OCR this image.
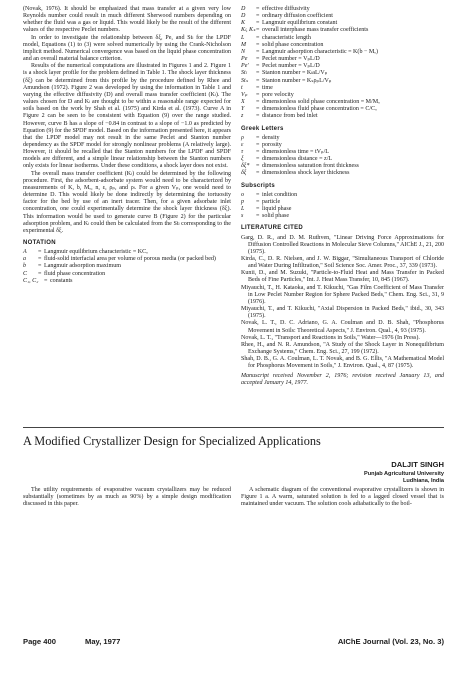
(Novak, 1976). It should be emphasized that mass transfer at a given very low Reynolds number could result in much different Sherwood numbers depending on whether the fluid was a gas or liquid. This would likely be the result of the different values of the respective Peclet numbers.

In order to investigate the relationship between δξ, Pe, and Stₗ for the LPDF model, Equations (1) to (3) were solved numerically by using the Crank-Nicholson implicit method. Numerical convergence was based on the liquid phase concentration and an overall material balance criterion.

Results of the numerical computations are illustrated in Figures 1 and 2. Figure 1 is a shock layer profile for the problem defined in Table 1. The shock layer thickness (δξ) can be determined from this profile by the procedure defined by Rhee and Amundson (1972). Figure 2 was developed by using the information in Table 1 and varying the effective diffusivity (D) and overall mass transfer coefficient (Kₗ). The values chosen for D and Kₗ are thought to be within a reasonable range expected for soils based on the work by Shah et al. (1975) and Kirda et al. (1973). Curve A in Figure 2 can be seen to be consistent with Equation (9) over the range studied. However, curve B has a slope of −0.84 in contrast to a slope of −1.0 as predicted by Equation (9) for the SPDF model. Based on the information presented here, it appears that the LPDF model may not result in the same Peclet and Stanton number dependency as the SPDF model for strongly nonlinear problems (A relatively large). However, it should be recalled that the Stanton numbers for the LPDF and SPDF models are different, and a simple linear relationship between the Stanton numbers only exists for linear isotherms. Under these conditions, a shock layer does not exist.

The overall mass transfer coefficient (Kₗ) could be determined by the following procedure. First, the adsorbent-adsorbate system would need to be characterized by measurements of K, b, Mₒ, n, ε, ρₚ, and ρₗ. For a given Vₚ, one would need to determine D. This would likely be done indirectly by determining the tortuosity factor for the bed by use of an inert tracer. Then, for a given adsorbate inlet concentration, one could experimentally determine the shock layer thickness (δξ). This information would be used to generate curve B (Figure 2) for the particular adsorption problem, and Kₗ could then be calculated from the Stₗ corresponding to the experimental δξ.

NOTATION
A	= Langmuir equilibrium characteristic = KCₒ
a	= fluid-solid interfacial area per volume of porous media (or packed bed)
b	= Langmuir adsorption maximum
C	= fluid phase concentration
C₁, C₂ = constants
D	= effective diffusivity
D	= ordinary diffusion coefficient
K	= Langmuir equilibrium constant
Kₗ, Kₛ = overall interphase mass transfer coefficients
L	= characteristic length
M	= solid phase concentration
N	= Langmuir adsorption characteristic = K(b − Mₒ)
Pe	= Peclet number = VₚL/D
Pe′	= Peclet number = VₚL/D
Stₗ	= Stanton number = KₗaL/Vₚ
Stₛ	= Stanton number = KₛρₚL/Vₚ
t	= time
Vₚ	= pore velocity
X	= dimensionless solid phase concentration = M/Mₒ
Y	= dimensionless fluid phase concentration = C/Cₒ
z	= distance from bed inlet
Greek Letters
ρ	= density
ε	= porosity
τ	= dimensionless time = tVₚ/L
ξ	= dimensionless distance = z/L
δξ*	= dimensionless saturation front thickness
δξ	= dimensionless shock layer thickness
Subscripts
o	= inlet condition
p	= particle
L	= liquid phase
s	= solid phase
LITERATURE CITED

Garg, D. R., and D. M. Ruthven, "Linear Driving Force Approximations for Diffusion Controlled Reactions in Molecular Sieve Columns," AIChE J., 21, 200 (1975).

Kirda, C., D. R. Nielsen, and J. W. Biggar, "Simultaneous Transport of Chloride and Water During Infiltration," Soil Science Soc. Amer. Proc., 37, 339 (1973).

Kunii, D., and M. Suzuki, "Particle-to-Fluid Heat and Mass Transfer in Packed Beds of Fine Particles," Int. J. Heat Mass Transfer, 10, 845 (1967).

Miyauchi, T., H. Kataoka, and T. Kikuchi, "Gas Film Coefficient of Mass Transfer in Low Peclet Number Region for Sphere Packed Beds," Chem. Eng. Sci., 31, 9 (1976).

Miyauchi, T., and T. Kikuchi, "Axial Dispersion in Packed Beds," ibid., 30, 343 (1975).

Novak, L. T., D. C. Adriano, G. A. Coulman and D. B. Shah, "Phosphorus Movement in Soils: Theoretical Aspects," J. Environ. Qual., 4, 93 (1975).

Novak, L. T., "Transport and Reactions in Soils," Water—1976 (In Press).

Rhee, H., and N. R. Amundson, "A Study of the Shock Layer in Nonequilibrium Exchange Systems," Chem. Eng. Sci., 27, 199 (1972).

Shah, D. B., G. A. Coulman, L. T. Novak, and B. G. Ellis, "A Mathematical Model for Phosphorus Movement in Soils," J. Environ. Qual., 4, 87 (1975).

Manuscript received November 2, 1976; revision received January 13, and accepted January 14, 1977.

A Modified Crystallizer Design for Specialized Applications
DALJIT SINGH
Punjab Agricultural University
Ludhiana, India

The utility requirements of evaporative vacuum crystallizers may be reduced substantially (sometimes by as much as 90%) by a simple design modification discussed in this paper.

A schematic diagram of the conventional evaporative crystallizers is shown in Figure 1 a. A warm, saturated solution is fed to a lagged closed vessel that is maintained under vacuum. The solution cools adiabatically to the boil-

Page 400	May, 1977	AIChE Journal (Vol. 23, No. 3)
